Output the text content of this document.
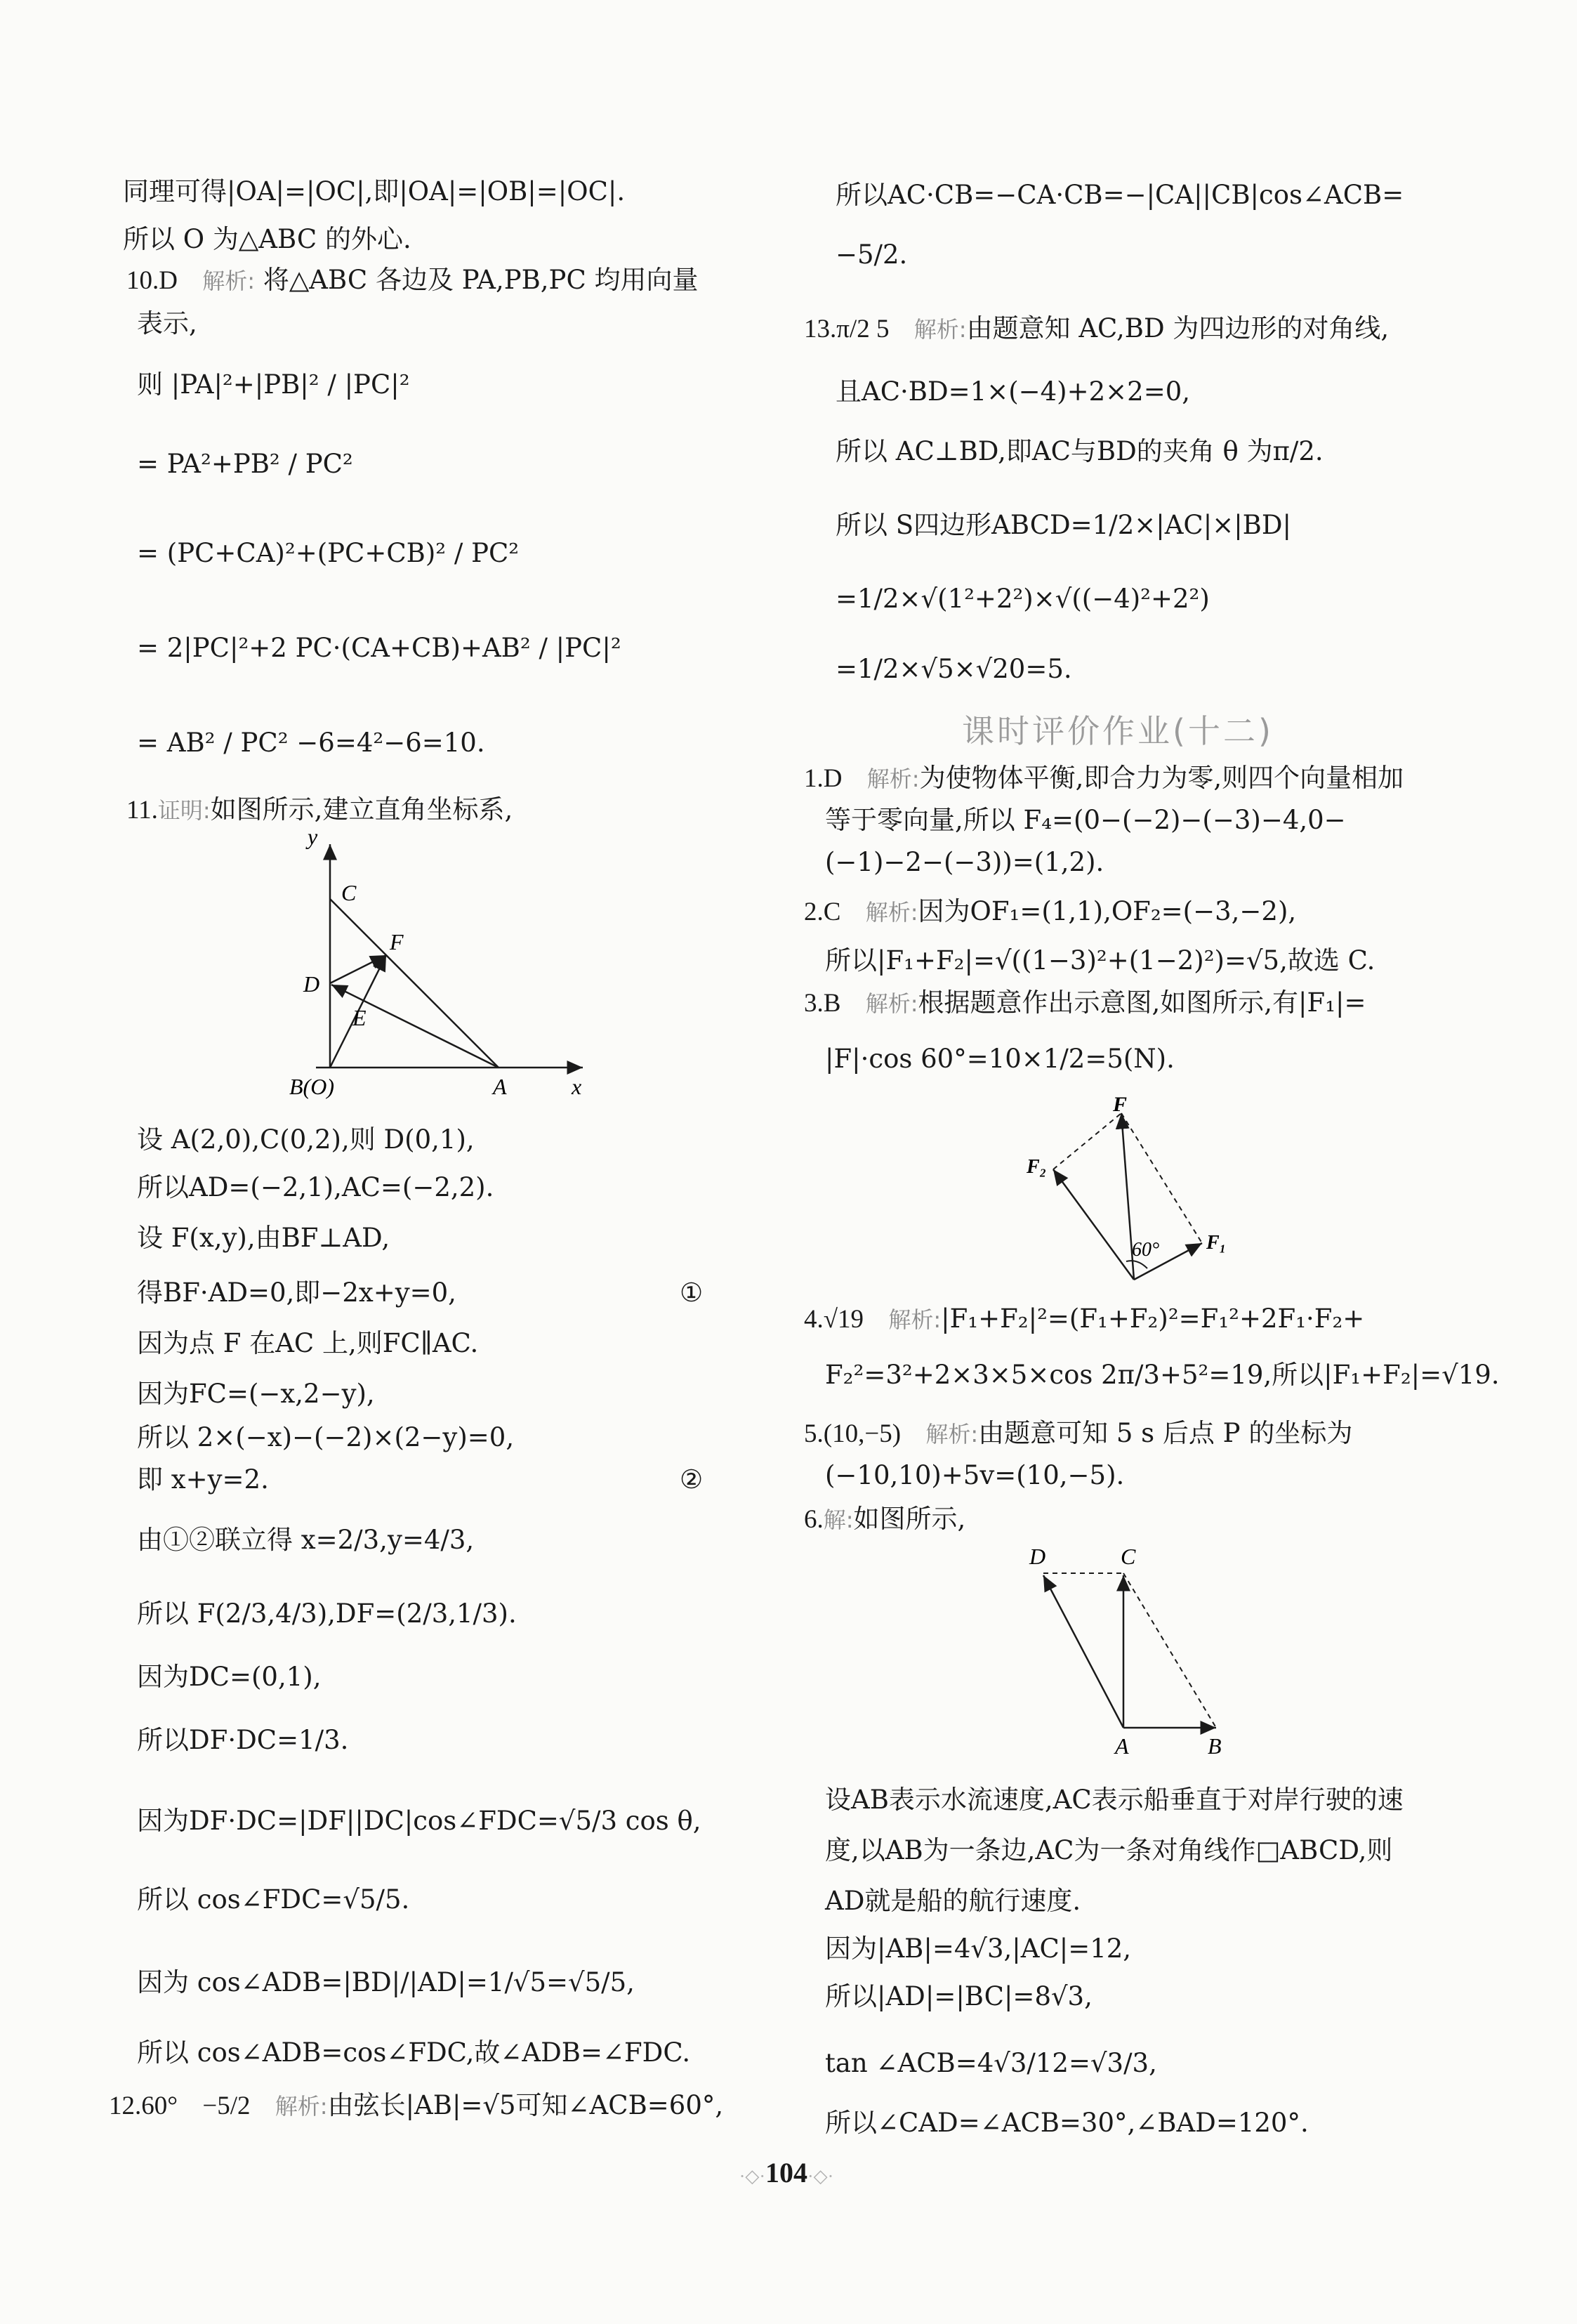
同理可得|OA|=|OC|,即|OA|=|OB|=|OC|.
所以 O 为△ABC 的外心.
10.D 解析: 将△ABC 各边及 PA,PB,PC 均用向量
表示,
则 |PA|²+|PB|² / |PC|²
= PA²+PB² / PC²
= (PC+CA)²+(PC+CB)² / PC²
= 2|PC|²+2 PC·(CA+CB)+AB² / |PC|²
= AB² / PC² −6=4²−6=10.
11.证明:如图所示,建立直角坐标系,
y
C
F
D
E
B(O)	A	x
设 A(2,0),C(0,2),则 D(0,1),
所以AD=(−2,1),AC=(−2,2).
设 F(x,y),由BF⊥AD,
得BF·AD=0,即−2x+y=0,	①
因为点 F 在AC 上,则FC∥AC.
因为FC=(−x,2−y),
所以 2×(−x)−(−2)×(2−y)=0,
即 x+y=2.	②
由①②联立得 x=2/3,y=4/3,
所以 F(2/3,4/3),DF=(2/3,1/3).
因为DC=(0,1),
所以DF·DC=1/3.
因为DF·DC=|DF||DC|cos∠FDC=√5/3 cos θ,
所以 cos∠FDC=√5/5.
因为 cos∠ADB=|BD|/|AD|=1/√5=√5/5,
所以 cos∠ADB=cos∠FDC,故∠ADB=∠FDC.
12.60° −5/2 解析:由弦长|AB|=√5可知∠ACB=60°,
所以AC·CB=−CA·CB=−|CA||CB|cos∠ACB=
−5/2.
13.π/2 5 解析:由题意知 AC,BD 为四边形的对角线,
且AC·BD=1×(−4)+2×2=0,
所以 AC⊥BD,即AC与BD的夹角 θ 为π/2.
所以 S四边形ABCD=1/2×|AC|×|BD|
=1/2×√(1²+2²)×√((−4)²+2²)
=1/2×√5×√20=5.
课时评价作业(十二)
1.D 解析:为使物体平衡,即合力为零,则四个向量相加
等于零向量,所以 F₄=(0−(−2)−(−3)−4,0−
(−1)−2−(−3))=(1,2).
2.C 解析:因为OF₁=(1,1),OF₂=(−3,−2),
所以|F₁+F₂|=√((1−3)²+(1−2)²)=√5,故选 C.
3.B 解析:根据题意作出示意图,如图所示,有|F₁|=
|F|·cos 60°=10×1/2=5(N).
F
F₂
60° F₁
4.√19 解析:|F₁+F₂|²=(F₁+F₂)²=F₁²+2F₁·F₂+
F₂²=3²+2×3×5×cos 2π/3+5²=19,所以|F₁+F₂|=√19.
5.(10,−5) 解析:由题意可知 5 s 后点 P 的坐标为
(−10,10)+5v=(10,−5).
6.解:如图所示,
D	C
A	B
设AB表示水流速度,AC表示船垂直于对岸行驶的速
度,以AB为一条边,AC为一条对角线作□ABCD,则
AD就是船的航行速度.
因为|AB|=4√3,|AC|=12,
所以|AD|=|BC|=8√3,
tan ∠ACB=4√3/12=√3/3,
所以∠CAD=∠ACB=30°,∠BAD=120°.
·◇·104·◇·
